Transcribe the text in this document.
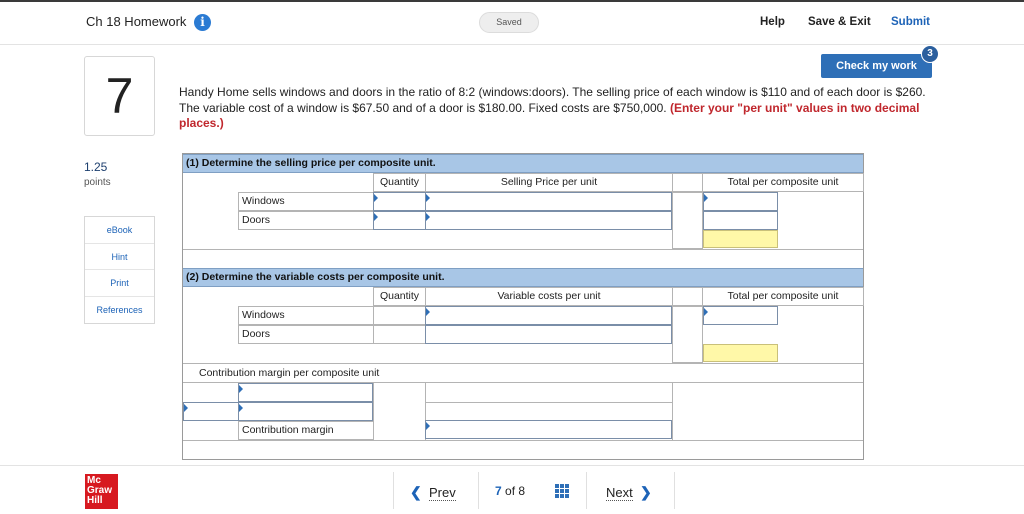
Ch 18 Homework	i	Saved	Help Save & Exit Submit
7
1.25
points
eBook
Hint
Print
References
Check my work
3
Handy Home sells windows and doors in the ratio of 8:2 (windows:doors). The selling price of each window is $110 and of each door is $260. The variable cost of a window is $67.50 and of a door is $180.00. Fixed costs are $750,000. (Enter your "per unit" values in two decimal places.)
(1) Determine the selling price per composite unit.
Quantity	Selling Price per unit	Total per composite unit
Windows
Doors
(2) Determine the variable costs per composite unit.
Quantity	Variable costs per unit	Total per composite unit
Windows
Doors
Contribution margin per composite unit
Contribution margin
Mc
Graw
Hill
❮ Prev	7 of 8	Next ❯
